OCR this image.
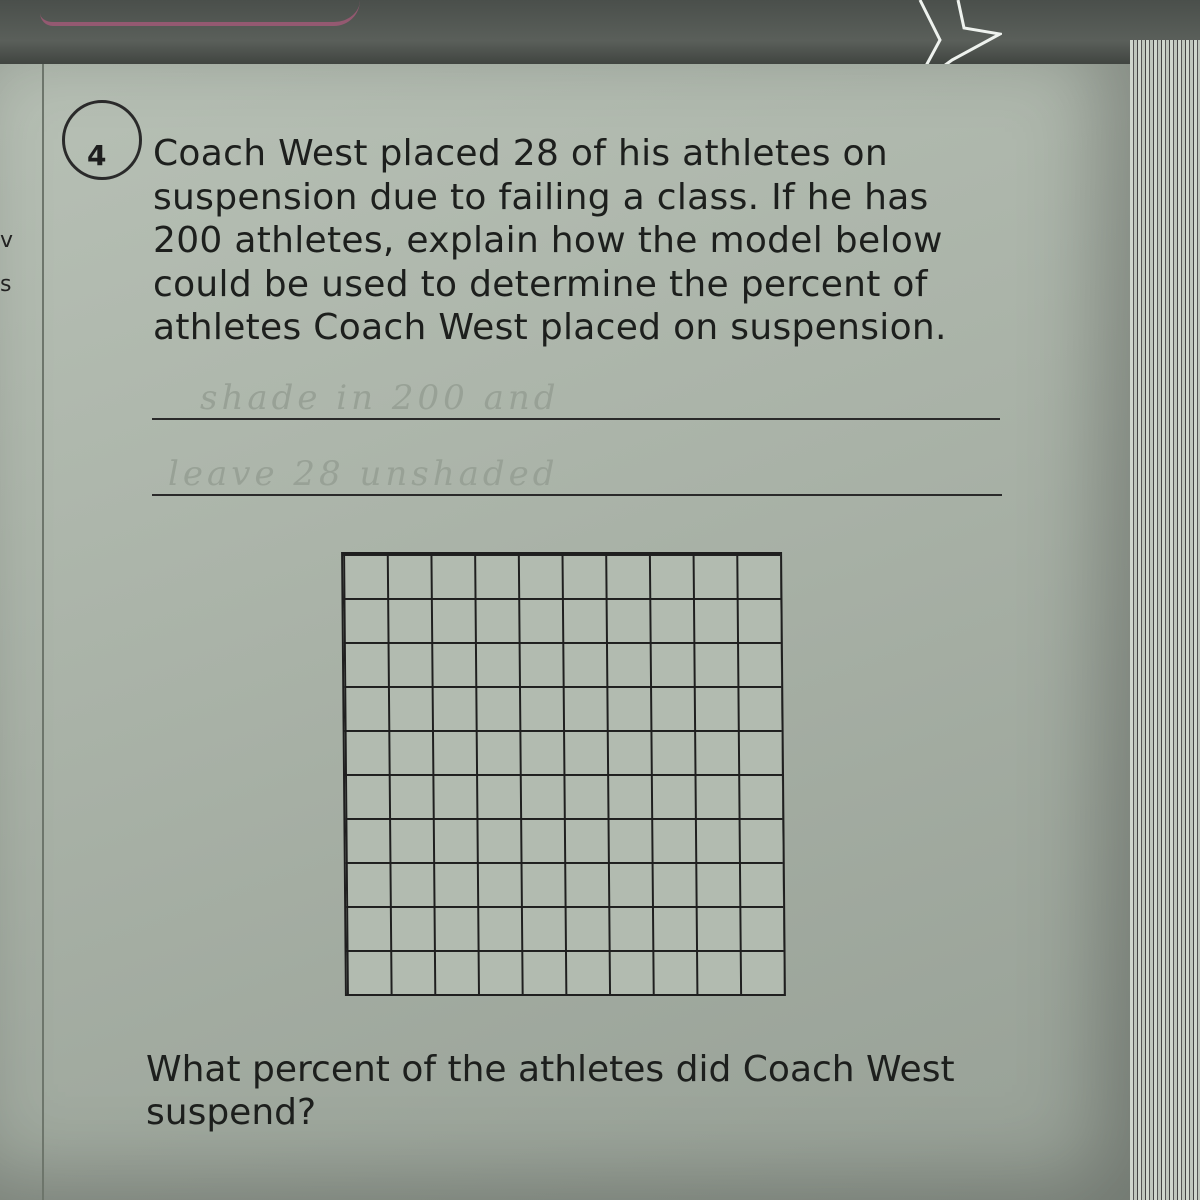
v
s
4 Coach West placed 28 of his athletes on
suspension due to failing a class. If he has
200 athletes, explain how the model below
could be used to determine the percent of
athletes Coach West placed on suspension.
shade in 200 and
leave 28 unshaded
What percent of the athletes did Coach West
suspend?
